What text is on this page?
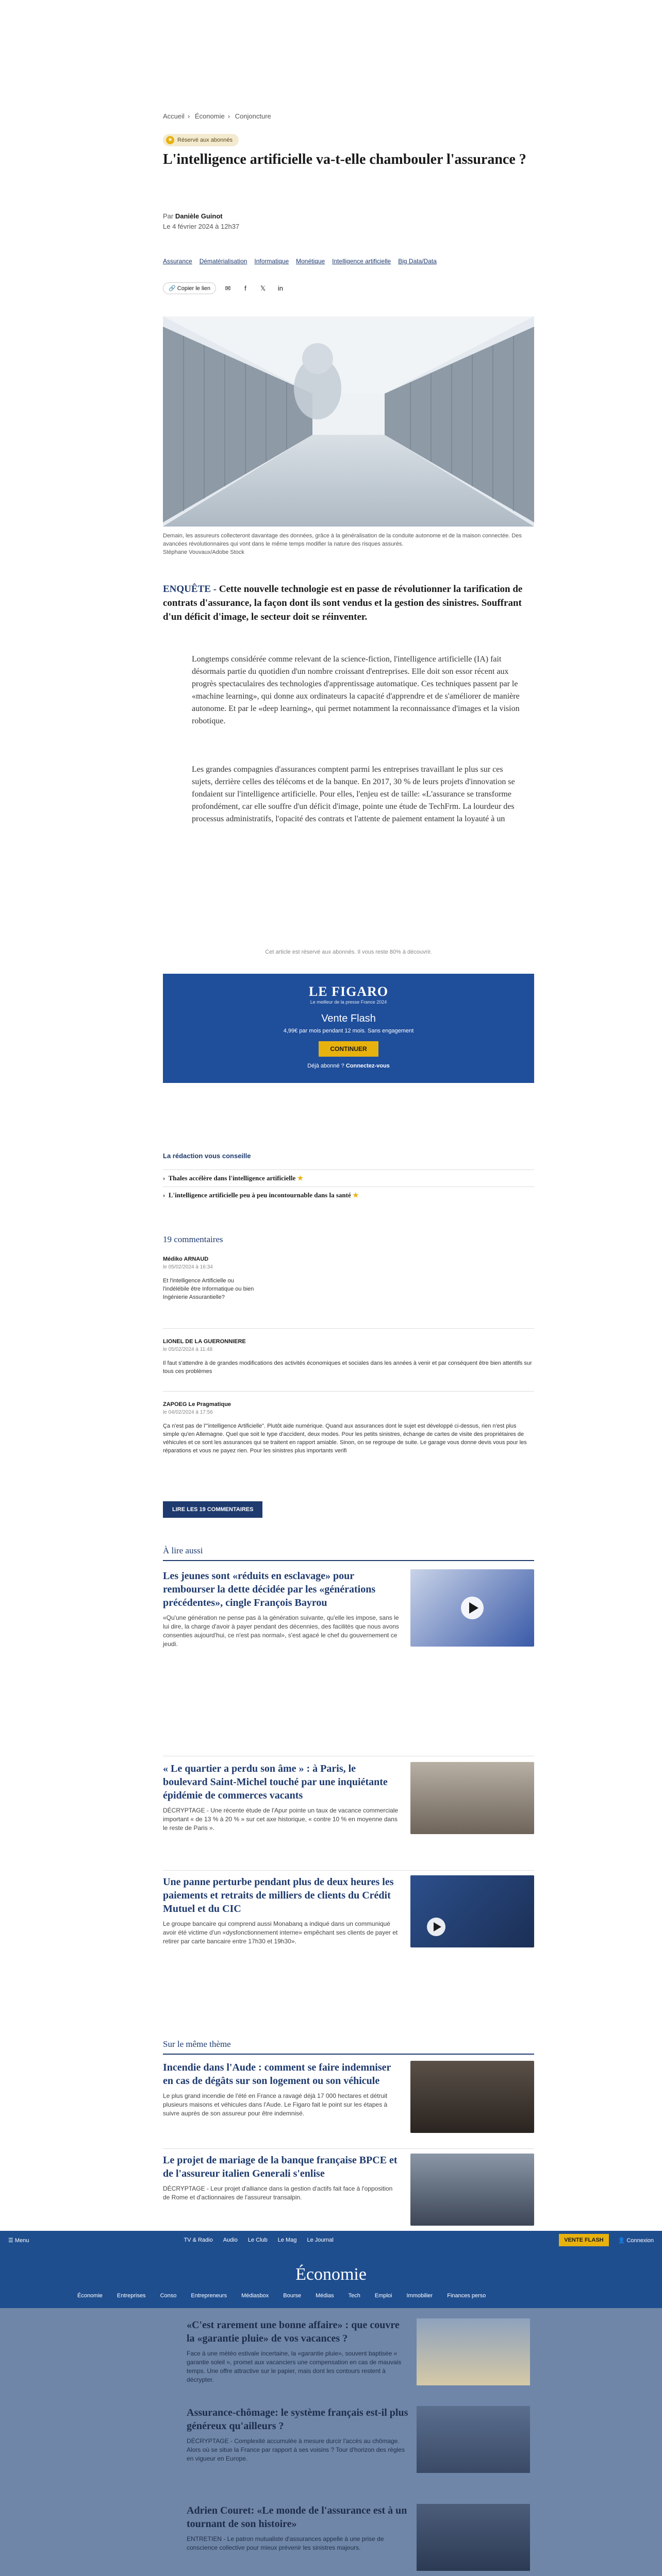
Accueil › Économie › Conjoncture
★ Réservé aux abonnés
L'intelligence artificielle va-t-elle chambouler l'assurance ?
Par Danièle Guinot
Le 4 février 2024 à 12h37
Assurance Dématérialisation Informatique Monétique Intelligence artificielle Big Data/Data
🔗 Copier le lien	✉	f	𝕏	in
Demain, les assureurs collecteront davantage des données, grâce à la généralisation de la conduite autonome et de la maison connectée. Des avancées révolutionnaires qui vont dans le même temps modifier la nature des risques assurés.
Stéphane Vouvaux/Adobe Stock
ENQUÊTE - Cette nouvelle technologie est en passe de révolutionner la tarification de contrats d'assurance, la façon dont ils sont vendus et la gestion des sinistres. Souffrant d'un déficit d'image, le secteur doit se réinventer.

Longtemps considérée comme relevant de la science-fiction, l'intelligence artificielle (IA) fait désormais partie du quotidien d'un nombre croissant d'entreprises. Elle doit son essor récent aux progrès spectaculaires des technologies d'apprentissage automatique. Ces techniques passent par le «machine learning», qui donne aux ordinateurs la capacité d'apprendre et de s'améliorer de manière autonome. Et par le «deep learning», qui permet notamment la reconnaissance d'images et la vision robotique.

Les grandes compagnies d'assurances comptent parmi les entreprises travaillant le plus sur ces sujets, derrière celles des télécoms et de la banque. En 2017, 30 % de leurs projets d'innovation se fondaient sur l'intelligence artificielle. Pour elles, l'enjeu est de taille: «L'assurance se transforme profondément, car elle souffre d'un déficit d'image, pointe une étude de TechFrm. La lourdeur des processus administratifs, l'opacité des contrats et l'attente de paiement entament la loyauté à un

Cet article est réservé aux abonnés. Il vous reste 80% à découvrir.
LE FIGARO
Le meilleur de la presse France 2024
Vente Flash
4,99€ par mois pendant 12 mois. Sans engagement
CONTINUER
Déjà abonné ? Connectez-vous
La rédaction vous conseille
›  Thales accélère dans l'intelligence artificielle ★
›  L'intelligence artificielle peu à peu incontournable dans la santé ★
19 commentaires
Médiko ARNAUD
le 05/02/2024 à 16:34
Et l'intelligence Artificielle ou l'indélébile être Informatique ou bien Ingénierie Assurantielle?
LIONEL DE LA GUERONNIERE
le 05/02/2024 à 11:48
Il faut s'attendre à de grandes modifications des activités économiques et sociales dans les années à venir et par conséquent être bien attentifs sur tous ces problèmes
ZAPOEG Le Pragmatique
le 04/02/2024 à 17:56
Ça n'est pas de l'"intelligence Artificielle". Plutôt aide numérique. Quand aux assurances dont le sujet est développé ci-dessus, rien n'est plus simple qu'en Allemagne. Quel que soit le type d'accident, deux modes. Pour les petits sinistres, échange de cartes de visite des propriétaires de véhicules et ce sont les assurances qui se traitent en rapport amiable. Sinon, on se regroupe de suite. Le garage vous donne devis vous pour les réparations et vous ne payez rien. Pour les sinistres plus importants verifi
LIRE LES 19 COMMENTAIRES
À lire aussi
Les jeunes sont «réduits en esclavage» pour rembourser la dette décidée par les «générations précédentes», cingle François Bayrou
«Qu'une génération ne pense pas à la génération suivante, qu'elle les impose, sans le lui dire, la charge d'avoir à payer pendant des décennies, des facilités que nous avons consenties aujourd'hui, ce n'est pas normal», s'est agacé le chef du gouvernement ce jeudi.
« Le quartier a perdu son âme » : à Paris, le boulevard Saint-Michel touché par une inquiétante épidémie de commerces vacants
DÉCRYPTAGE - Une récente étude de l'Apur pointe un taux de vacance commerciale important « de 13 % à 20 % » sur cet axe historique, « contre 10 % en moyenne dans le reste de Paris ».
Une panne perturbe pendant plus de deux heures les paiements et retraits de milliers de clients du Crédit Mutuel et du CIC
Le groupe bancaire qui comprend aussi Monabanq a indiqué dans un communiqué avoir été victime d'un «dysfonctionnement interne» empêchant ses clients de payer et retirer par carte bancaire entre 17h30 et 19h30».
Sur le même thème
Incendie dans l'Aude : comment se faire indemniser en cas de dégâts sur son logement ou son véhicule
Le plus grand incendie de l'été en France a ravagé déjà 17 000 hectares et détruit plusieurs maisons et véhicules dans l'Aude. Le Figaro fait le point sur les étapes à suivre auprès de son assureur pour être indemnisé.
Le projet de mariage de la banque française BPCE et de l'assureur italien Generali s'enlise
DÉCRYPTAGE - Leur projet d'alliance dans la gestion d'actifs fait face à l'opposition de Rome et d'actionnaires de l'assureur transalpin.
☰ Menu	TV & Radio Audio Le Club Le Mag Le Journal	VENTE FLASH	👤 Connexion
Économie
Économie	Entreprises	Conso	Entrepreneurs	Médiasbox	Bourse	Médias	Tech	Emploi	Immobilier	Finances perso
«C'est rarement une bonne affaire» : que couvre la «garantie pluie» de vos vacances ?
Face à une météo estivale incertaine, la «garantie pluie», souvent baptisée « garantie soleil », promet aux vacanciers une compensation en cas de mauvais temps. Une offre attractive sur le papier, mais dont les contours restent à décrypter.
Assurance-chômage: le système français est-il plus généreux qu'ailleurs ?
DÉCRYPTAGE - Complexité accumulée à mesure durcir l'accès au chômage. Alors où se situe la France par rapport à ses voisins ? Tour d'horizon des règles en vigueur en Europe.
Adrien Couret: «Le monde de l'assurance est à un tournant de son histoire»
ENTRETIEN - Le patron mutualiste d'assurances appelle à une prise de conscience collective pour mieux prévenir les sinistres majeurs.
